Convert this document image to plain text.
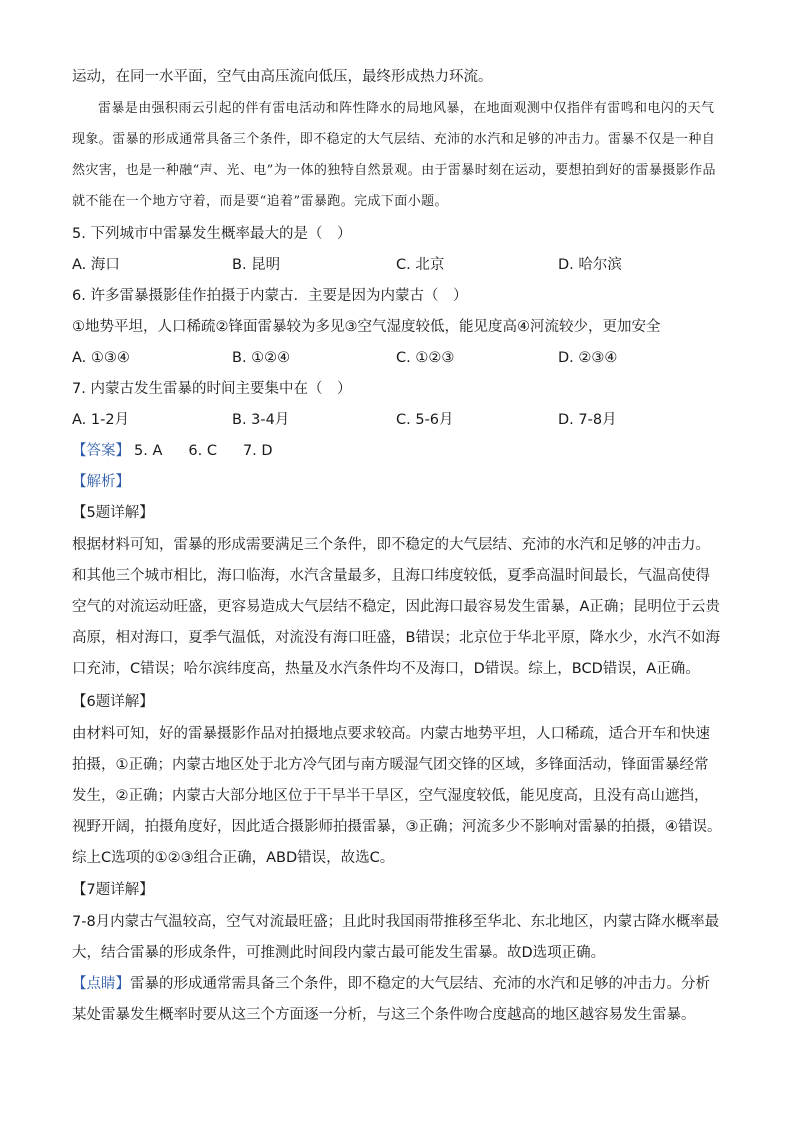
运动，在同一水平面，空气由高压流向低压，最终形成热力环流。

雷暴是由强积雨云引起的伴有雷电活动和阵性降水的局地风暴，在地面观测中仅指伴有雷鸣和电闪的天气现象。雷暴的形成通常具备三个条件，即不稳定的大气层结、充沛的水汽和足够的冲击力。雷暴不仅是一种自然灾害，也是一种融“声、光、电”为一体的独特自然景观。由于雷暴时刻在运动，要想拍到好的雷暴摄影作品就不能在一个地方守着，而是要“追着”雷暴跑。完成下面小题。

5. 下列城市中雷暴发生概率最大的是（　）
A. 海口	B. 昆明	C. 北京	D. 哈尔滨
6. 许多雷暴摄影佳作拍摄于内蒙古．主要是因为内蒙古（　）
①地势平坦，人口稀疏②锋面雷暴较为多见③空气湿度较低，能见度高④河流较少，更加安全
A. ①③④	B. ①②④	C. ①②③	D. ②③④
7. 内蒙古发生雷暴的时间主要集中在（　）
A. 1-2月	B. 3-4月	C. 5-6月	D. 7-8月
【答案】 5. A 6. C 7. D
【解析】
【5题详解】

根据材料可知，雷暴的形成需要满足三个条件，即不稳定的大气层结、充沛的水汽和足够的冲击力。和其他三个城市相比，海口临海，水汽含量最多，且海口纬度较低，夏季高温时间最长，气温高使得空气的对流运动旺盛，更容易造成大气层结不稳定，因此海口最容易发生雷暴，A正确；昆明位于云贵高原，相对海口，夏季气温低，对流没有海口旺盛，B错误；北京位于华北平原，降水少，水汽不如海口充沛，C错误；哈尔滨纬度高，热量及水汽条件均不及海口，D错误。综上，BCD错误，A正确。

【6题详解】

由材料可知，好的雷暴摄影作品对拍摄地点要求较高。内蒙古地势平坦，人口稀疏，适合开车和快速拍摄，①正确；内蒙古地区处于北方冷气团与南方暖湿气团交锋的区域，多锋面活动，锋面雷暴经常发生，②正确；内蒙古大部分地区位于干旱半干旱区，空气湿度较低，能见度高，且没有高山遮挡，视野开阔，拍摄角度好，因此适合摄影师拍摄雷暴，③正确；河流多少不影响对雷暴的拍摄，④错误。综上C选项的①②③组合正确，ABD错误，故选C。

【7题详解】

7-8月内蒙古气温较高，空气对流最旺盛；且此时我国雨带推移至华北、东北地区，内蒙古降水概率最大，结合雷暴的形成条件，可推测此时间段内蒙古最可能发生雷暴。故D选项正确。

【点睛】雷暴的形成通常需具备三个条件，即不稳定的大气层结、充沛的水汽和足够的冲击力。分析某处雷暴发生概率时要从这三个方面逐一分析，与这三个条件吻合度越高的地区越容易发生雷暴。
